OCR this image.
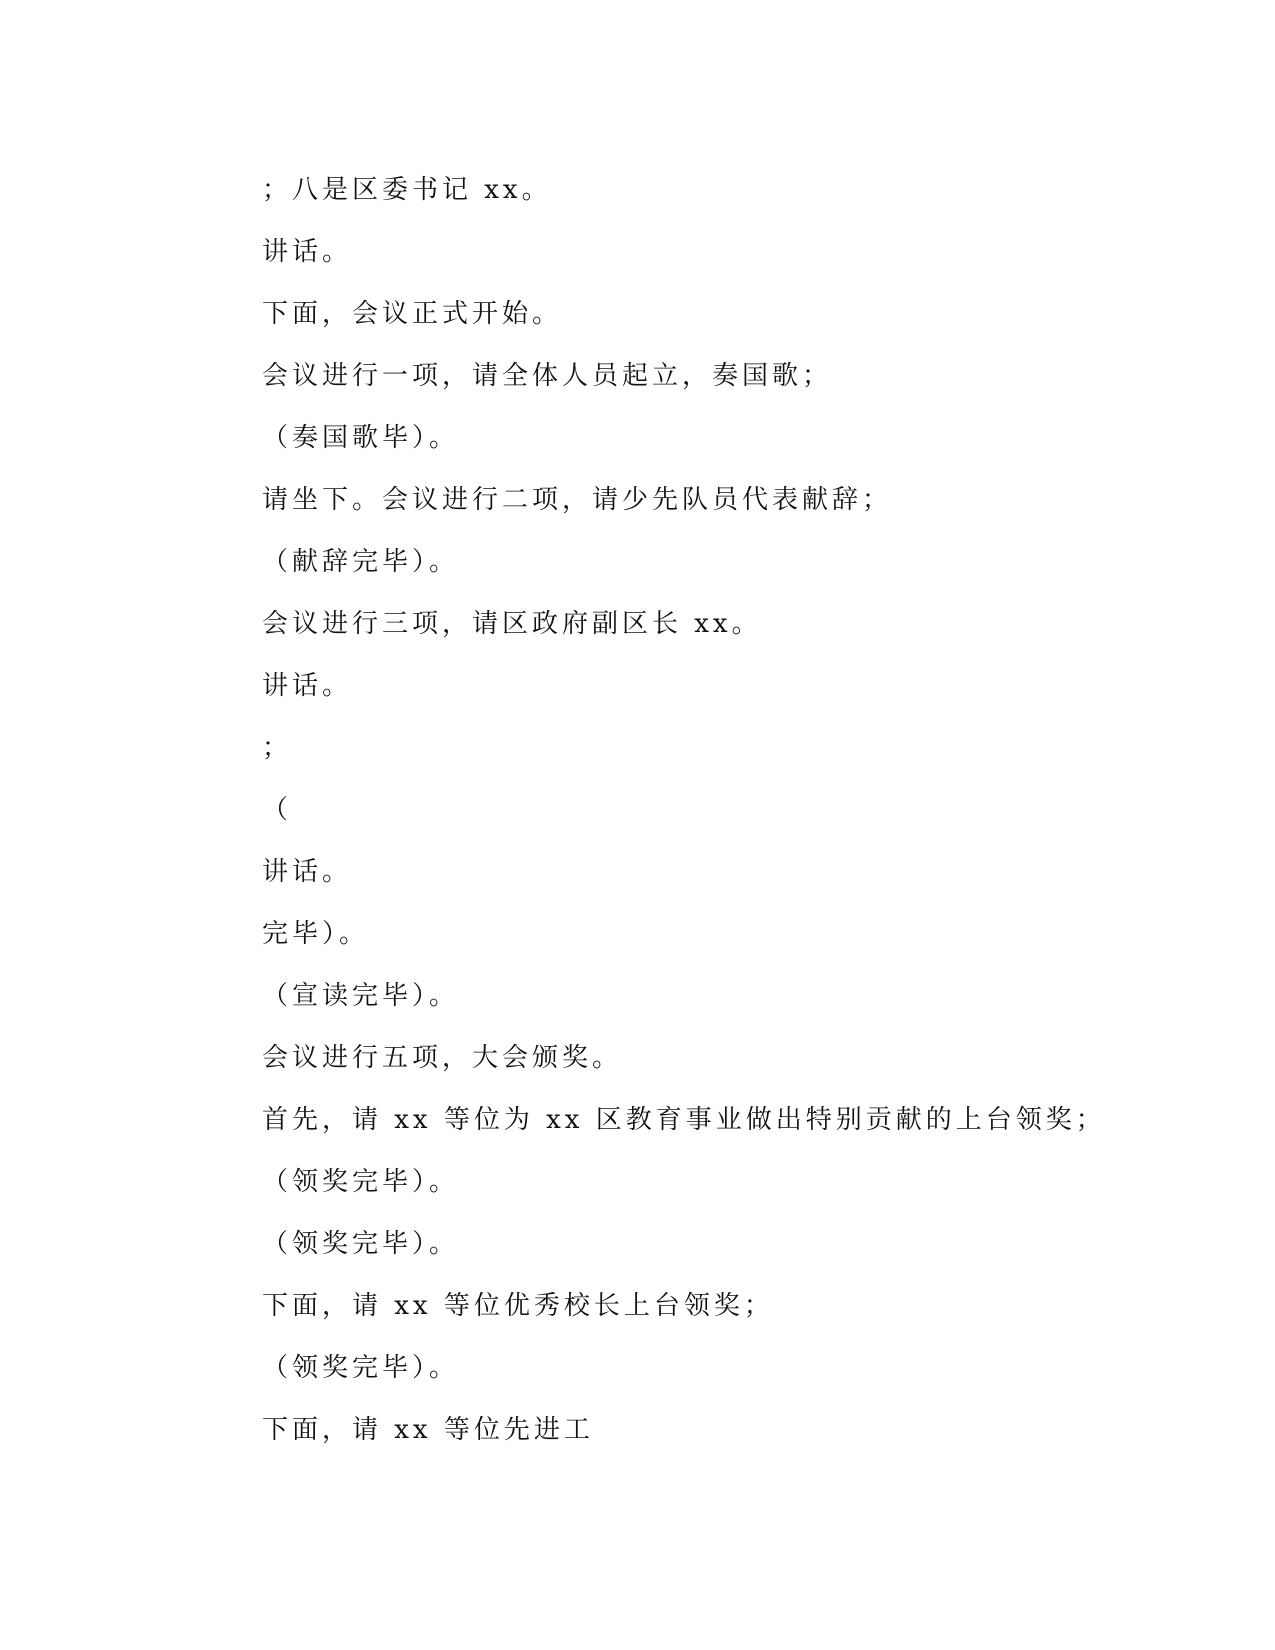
；八是区委书记 xx。
讲话。
下面，会议正式开始。
会议进行一项，请全体人员起立，奏国歌；
（奏国歌毕）。
请坐下。会议进行二项，请少先队员代表献辞；
（献辞完毕）。
会议进行三项，请区政府副区长 xx。
讲话。
；
（
讲话。
完毕）。
（宣读完毕）。
会议进行五项，大会颁奖。
首先，请 xx 等位为 xx 区教育事业做出特别贡献的上台领奖；
（领奖完毕）。
（领奖完毕）。
下面，请 xx 等位优秀校长上台领奖；
（领奖完毕）。
下面，请 xx 等位先进工
